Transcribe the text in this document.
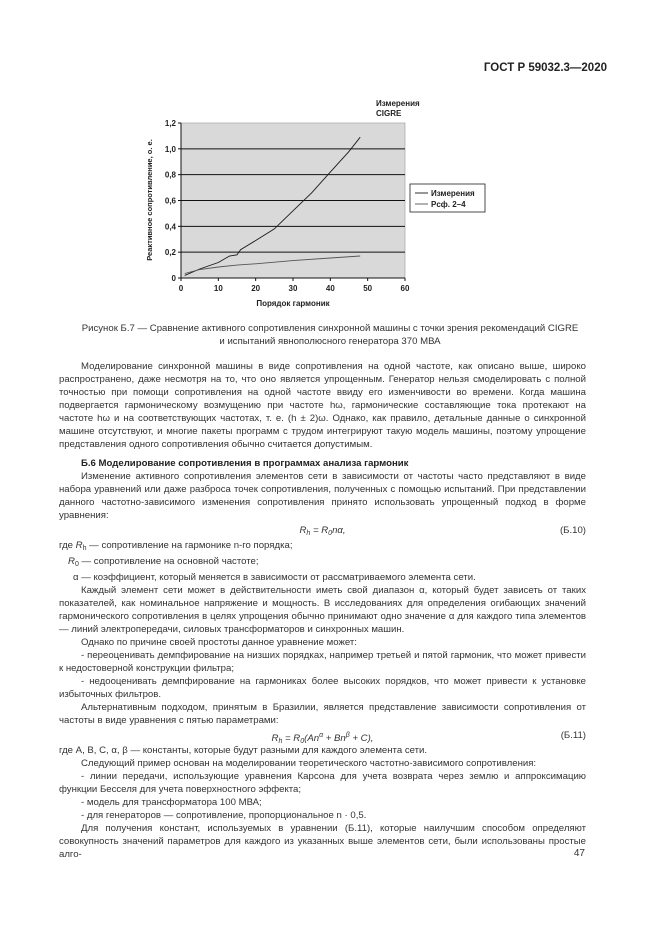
ГОСТ Р 59032.3—2020
0
0,2
0,4
0,6
0,8
1,0
1,2
0	10	20	30	40	50	60
Измерения
CIGRE
Порядок гармоник
Реактивное сопротивление, о. е.	Измерения
Рсф. 2–4
Рисунок Б.7 — Сравнение активного сопротивления синхронной машины с точки зрения рекомендаций CIGRE
и испытаний явнополюсного генератора 370 МВА

Моделирование синхронной машины в виде сопротивления на одной частоте, как описано выше, широко распространено, даже несмотря на то, что оно является упрощенным. Генератор нельзя смоделировать с полной точностью при помощи сопротивления на одной частоте ввиду его изменчивости во времени. Когда машина подвергается гармоническому возмущению при частоте hω, гармонические составляющие тока протекают на частоте hω и на соответствующих частотах, т. е. (h ± 2)ω. Однако, как правило, детальные данные о синхронной машине отсутствуют, и многие пакеты программ с трудом интегрируют такую модель машины, поэтому упрощение представления одного сопротивления обычно считается допустимым.

Б.6 Моделирование сопротивления в программах анализа гармоник

Изменение активного сопротивления элементов сети в зависимости от частоты часто представляют в виде набора уравнений или даже разброса точек сопротивления, полученных с помощью испытаний. При представлении данного частотно-зависимого изменения сопротивления принято использовать упрощенный подход в форме уравнения:

$R_h = R_0n\alpha$,	(Б.10)

где $R_h$ — сопротивление на гармонике n-го порядка;

$R_0$ — сопротивление на основной частоте;

α — коэффициент, который меняется в зависимости от рассматриваемого элемента сети.

Каждый элемент сети может в действительности иметь свой диапазон α, который будет зависеть от таких показателей, как номинальное напряжение и мощность. В исследованиях для определения огибающих значений гармонического сопротивления в целях упрощения обычно принимают одно значение α для каждого типа элементов — линий электропередачи, силовых трансформаторов и синхронных машин.

Однако по причине своей простоты данное уравнение может:

- переоценивать демпфирование на низших порядках, например третьей и пятой гармоник, что может привести к недостоверной конструкции фильтра;

- недооценивать демпфирование на гармониках более высоких порядков, что может привести к установке избыточных фильтров.

Альтернативным подходом, принятым в Бразилии, является представление зависимости сопротивления от частоты в виде уравнения с пятью параметрами:

$R_h = R_0(An^\alpha + Bn^\beta + C)$,	(Б.11)

где A, B, C, α, β — константы, которые будут разными для каждого элемента сети.

Следующий пример основан на моделировании теоретического частотно-зависимого сопротивления:

- линии передачи, использующие уравнения Карсона для учета возврата через землю и аппроксимацию функции Бесселя для учета поверхностного эффекта;

- модель для трансформатора 100 МВА;

- для генераторов — сопротивление, пропорциональное n · 0,5.

Для получения констант, используемых в уравнении (Б.11), которые наилучшим способом определяют совокупность значений параметров для каждого из указанных выше элементов сети, были использованы простые алго-	47
